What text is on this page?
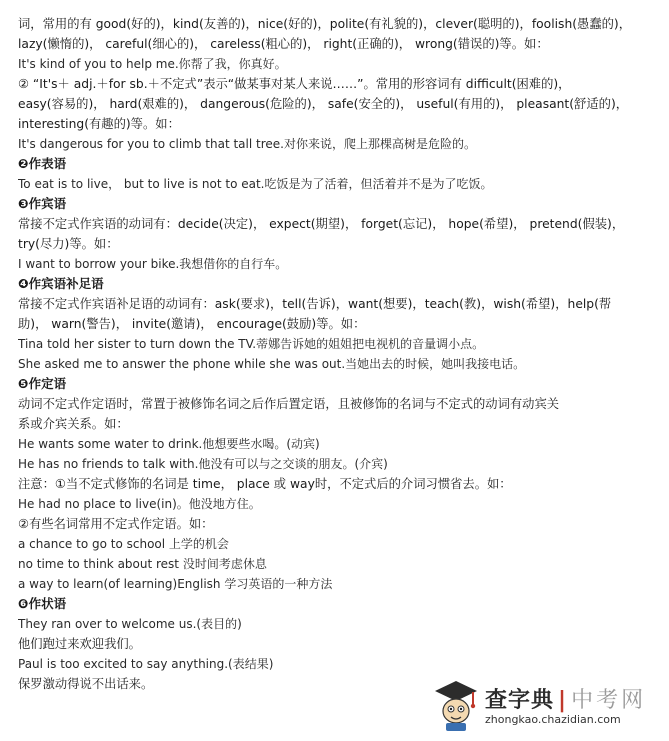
词，常用的有 good(好的)，kind(友善的)，nice(好的)，polite(有礼貌的)，clever(聪明的)，foolish(愚蠢的)，
lazy(懒惰的)， careful(细心的)， careless(粗心的)， right(正确的)， wrong(错误的)等。如：
It's kind of you to help me.你帮了我，你真好。
② “It's＋ adj.＋for sb.＋不定式”表示“做某事对某人来说……”。常用的形容词有 difficult(困难的)，
easy(容易的)， hard(艰难的)， dangerous(危险的)， safe(安全的)， useful(有用的)， pleasant(舒适的)，
interesting(有趣的)等。如：
It's dangerous for you to climb that tall tree.对你来说，爬上那棵高树是危险的。
❷作表语
To eat is to live， but to live is not to eat.吃饭是为了活着，但活着并不是为了吃饭。
❸作宾语
常接不定式作宾语的动词有：decide(决定)， expect(期望)， forget(忘记)， hope(希望)， pretend(假装)，
try(尽力)等。如：
I want to borrow your bike.我想借你的自行车。
❹作宾语补足语
常接不定式作宾语补足语的动词有：ask(要求)，tell(告诉)，want(想要)，teach(教)，wish(希望)，help(帮
助)， warn(警告)， invite(邀请)， encourage(鼓励)等。如：
Tina told her sister to turn down the TV.蒂娜告诉她的姐姐把电视机的音量调小点。
She asked me to answer the phone while she was out.当她出去的时候，她叫我接电话。
❺作定语
动词不定式作定语时，常置于被修饰名词之后作后置定语，且被修饰的名词与不定式的动词有动宾关
系或介宾关系。如：
He wants some water to drink.他想要些水喝。(动宾)
He has no friends to talk with.他没有可以与之交谈的朋友。(介宾)
注意：①当不定式修饰的名词是 time， place 或 way时，不定式后的介词习惯省去。如：
He had no place to live(in)。他没地方住。
②有些名词常用不定式作定语。如：
a chance to go to school 上学的机会
no time to think about rest 没时间考虑休息
a way to learn(of learning)English 学习英语的一种方法
❻作状语
They ran over to welcome us.(表目的)
他们跑过来欢迎我们。
Paul is too excited to say anything.(表结果)
保罗激动得说不出话来。
查字典 | 中考网
zhongkao.chazidian.com
